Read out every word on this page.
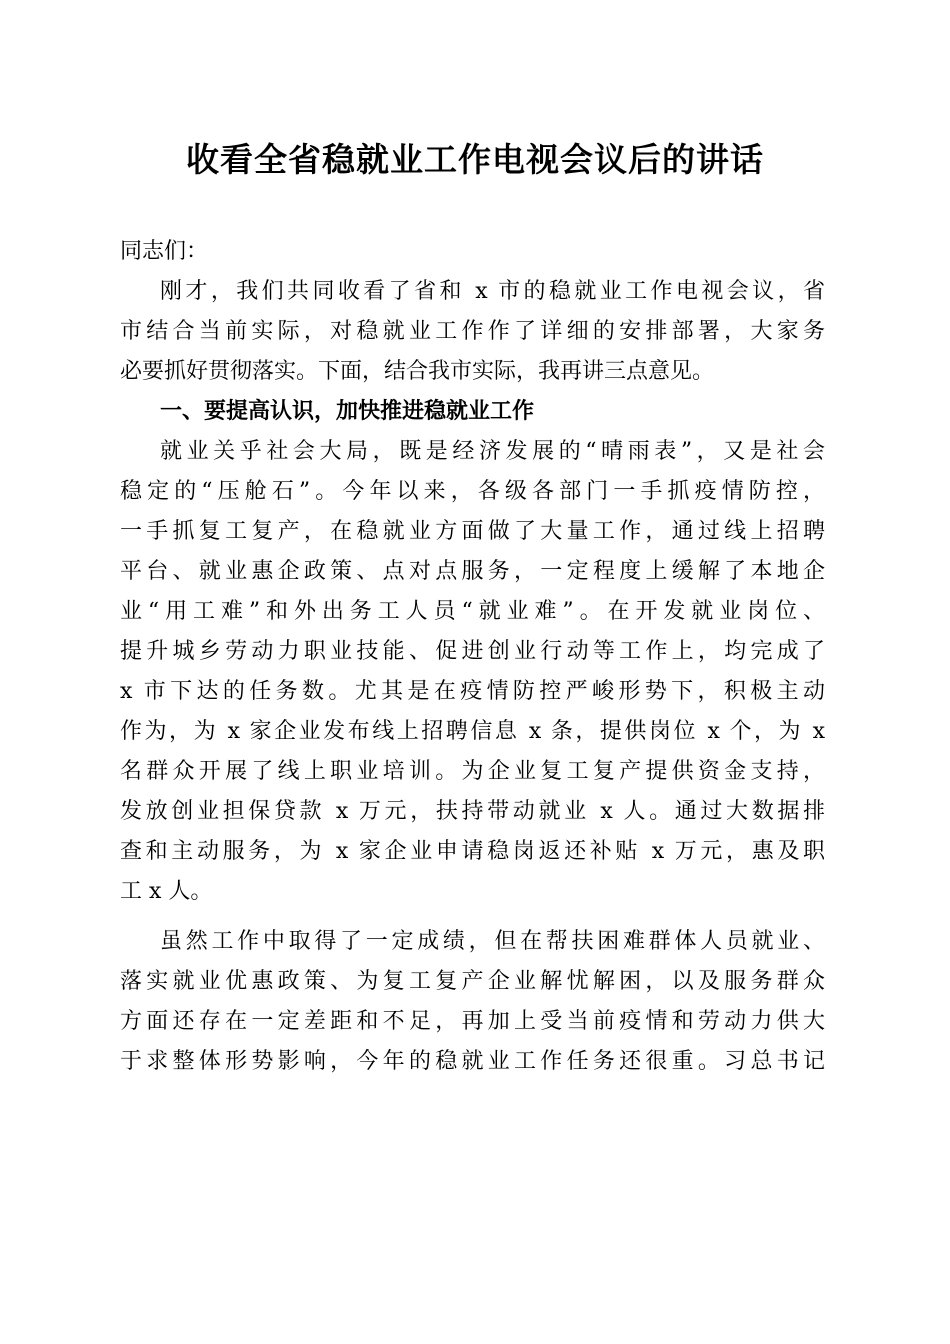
收看全省稳就业工作电视会议后的讲话
同志们：
刚才，我们共同收看了省和 x 市的稳就业工作电视会议，省
市结合当前实际，对稳就业工作作了详细的安排部署，大家务
必要抓好贯彻落实。下面，结合我市实际，我再讲三点意见。
一、要提高认识，加快推进稳就业工作
就业关乎社会大局，既是经济发展的“晴雨表”，又是社会
稳定的“压舱石”。今年以来，各级各部门一手抓疫情防控，
一手抓复工复产，在稳就业方面做了大量工作，通过线上招聘
平台、就业惠企政策、点对点服务，一定程度上缓解了本地企
业“用工难”和外出务工人员“就业难”。在开发就业岗位、
提升城乡劳动力职业技能、促进创业行动等工作上，均完成了
x 市下达的任务数。尤其是在疫情防控严峻形势下，积极主动
作为，为 x 家企业发布线上招聘信息 x 条，提供岗位 x 个，为 x
名群众开展了线上职业培训。为企业复工复产提供资金支持，
发放创业担保贷款 x 万元，扶持带动就业 x 人。通过大数据排
查和主动服务，为 x 家企业申请稳岗返还补贴 x 万元，惠及职
工 x 人。
虽然工作中取得了一定成绩，但在帮扶困难群体人员就业、
落实就业优惠政策、为复工复产企业解忧解困，以及服务群众
方面还存在一定差距和不足，再加上受当前疫情和劳动力供大
于求整体形势影响，今年的稳就业工作任务还很重。习总书记
